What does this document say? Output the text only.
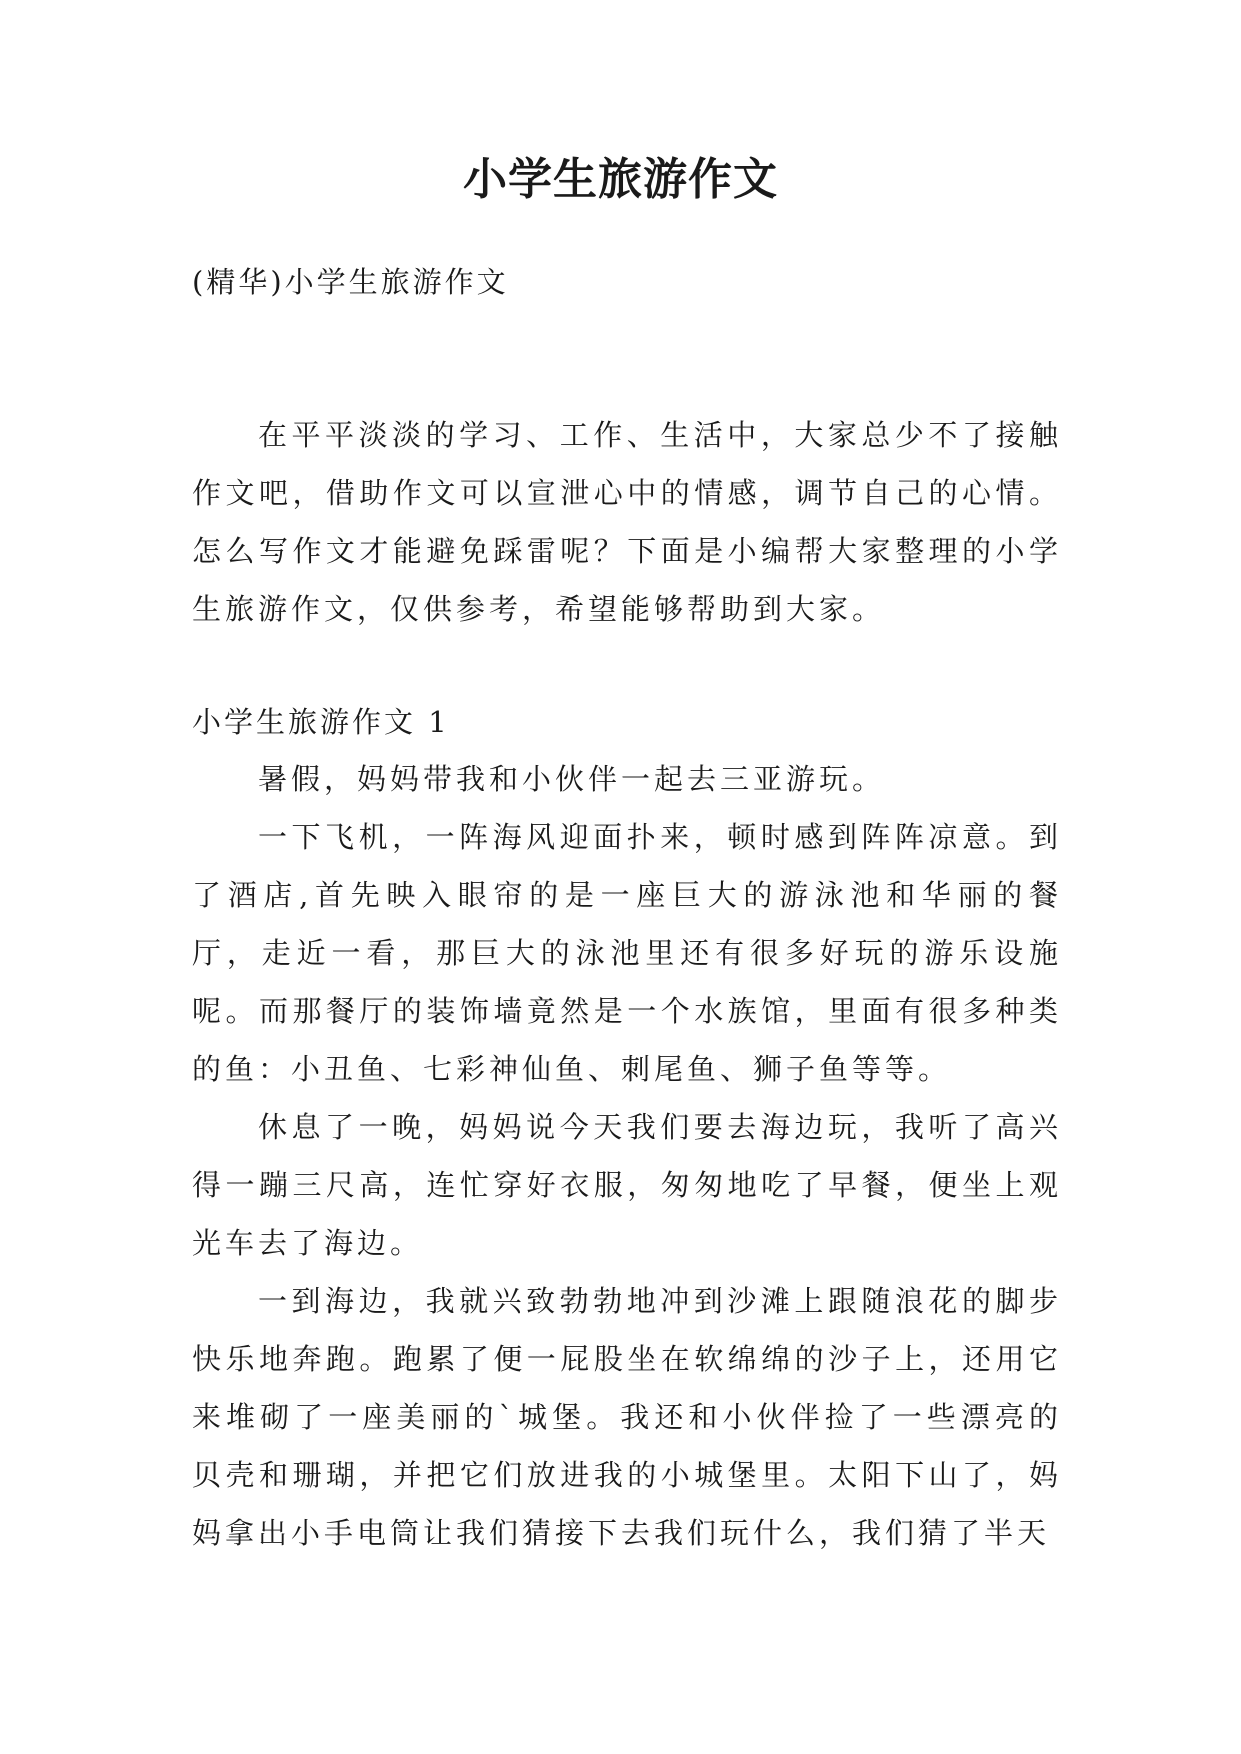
小学生旅游作文

(精华)小学生旅游作文

在平平淡淡的学习、工作、生活中，大家总少不了接触作文吧，借助作文可以宣泄心中的情感，调节自己的心情。怎么写作文才能避免踩雷呢？下面是小编帮大家整理的小学生旅游作文，仅供参考，希望能够帮助到大家。

小学生旅游作文 1

暑假，妈妈带我和小伙伴一起去三亚游玩。

一下飞机，一阵海风迎面扑来，顿时感到阵阵凉意。到了酒店,首先映入眼帘的是一座巨大的游泳池和华丽的餐厅，走近一看，那巨大的泳池里还有很多好玩的游乐设施呢。而那餐厅的装饰墙竟然是一个水族馆，里面有很多种类的鱼：小丑鱼、七彩神仙鱼、刺尾鱼、狮子鱼等等。

休息了一晚，妈妈说今天我们要去海边玩，我听了高兴得一蹦三尺高，连忙穿好衣服，匆匆地吃了早餐，便坐上观光车去了海边。

一到海边，我就兴致勃勃地冲到沙滩上跟随浪花的脚步快乐地奔跑。跑累了便一屁股坐在软绵绵的沙子上，还用它来堆砌了一座美丽的`城堡。我还和小伙伴捡了一些漂亮的贝壳和珊瑚，并把它们放进我的小城堡里。太阳下山了，妈妈拿出小手电筒让我们猜接下去我们玩什么，我们猜了半天
